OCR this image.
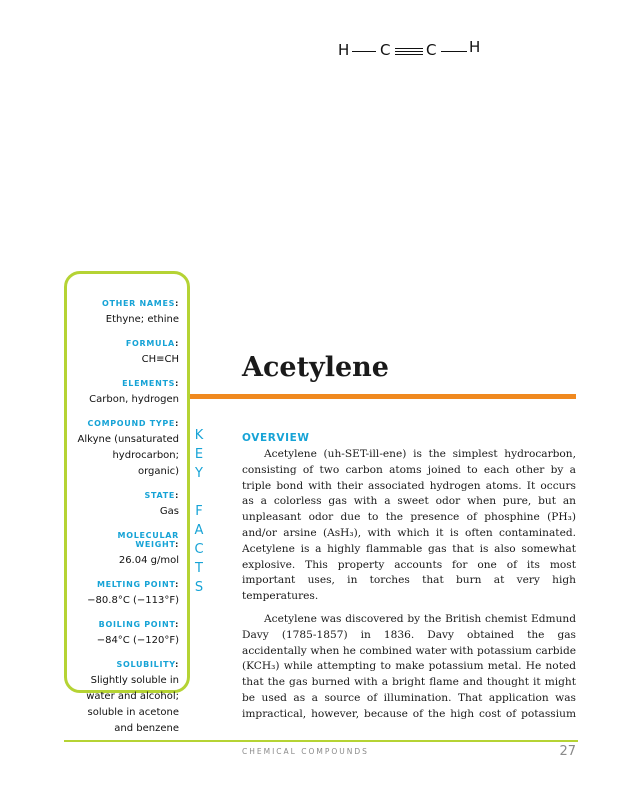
H C C H
OTHER NAMES:
Ethyne; ethine
FORMULA:
CH≡CH
ELEMENTS:
Carbon, hydrogen
COMPOUND TYPE:
Alkyne (unsaturated hydrocarbon; organic)
STATE:
Gas
MOLECULAR WEIGHT:
26.04 g/mol
MELTING POINT:
−80.8°C (−113°F)
BOILING POINT:
−84°C (−120°F)
SOLUBILITY:
Slightly soluble in water and alcohol; soluble in acetone and benzene
K
E
Y

F
A
C
T
S
Acetylene
OVERVIEW

Acetylene (uh-SET-ill-ene) is the simplest hydrocarbon, consisting of two carbon atoms joined to each other by a triple bond with their associated hydrogen atoms. It occurs as a colorless gas with a sweet odor when pure, but an unpleasant odor due to the presence of phosphine (PH₃) and/or arsine (AsH₃), with which it is often contaminated. Acetylene is a highly flammable gas that is also somewhat explosive. This property accounts for one of its most important uses, in torches that burn at very high temperatures.

Acetylene was discovered by the British chemist Edmund Davy (1785-1857) in 1836. Davy obtained the gas accidentally when he combined water with potassium carbide (KCH₃) while attempting to make potassium metal. He noted that the gas burned with a bright flame and thought it might be used as a source of illumination. That application was impractical, however, because of the high cost of potassium

CHEMICAL COMPOUNDS	27
